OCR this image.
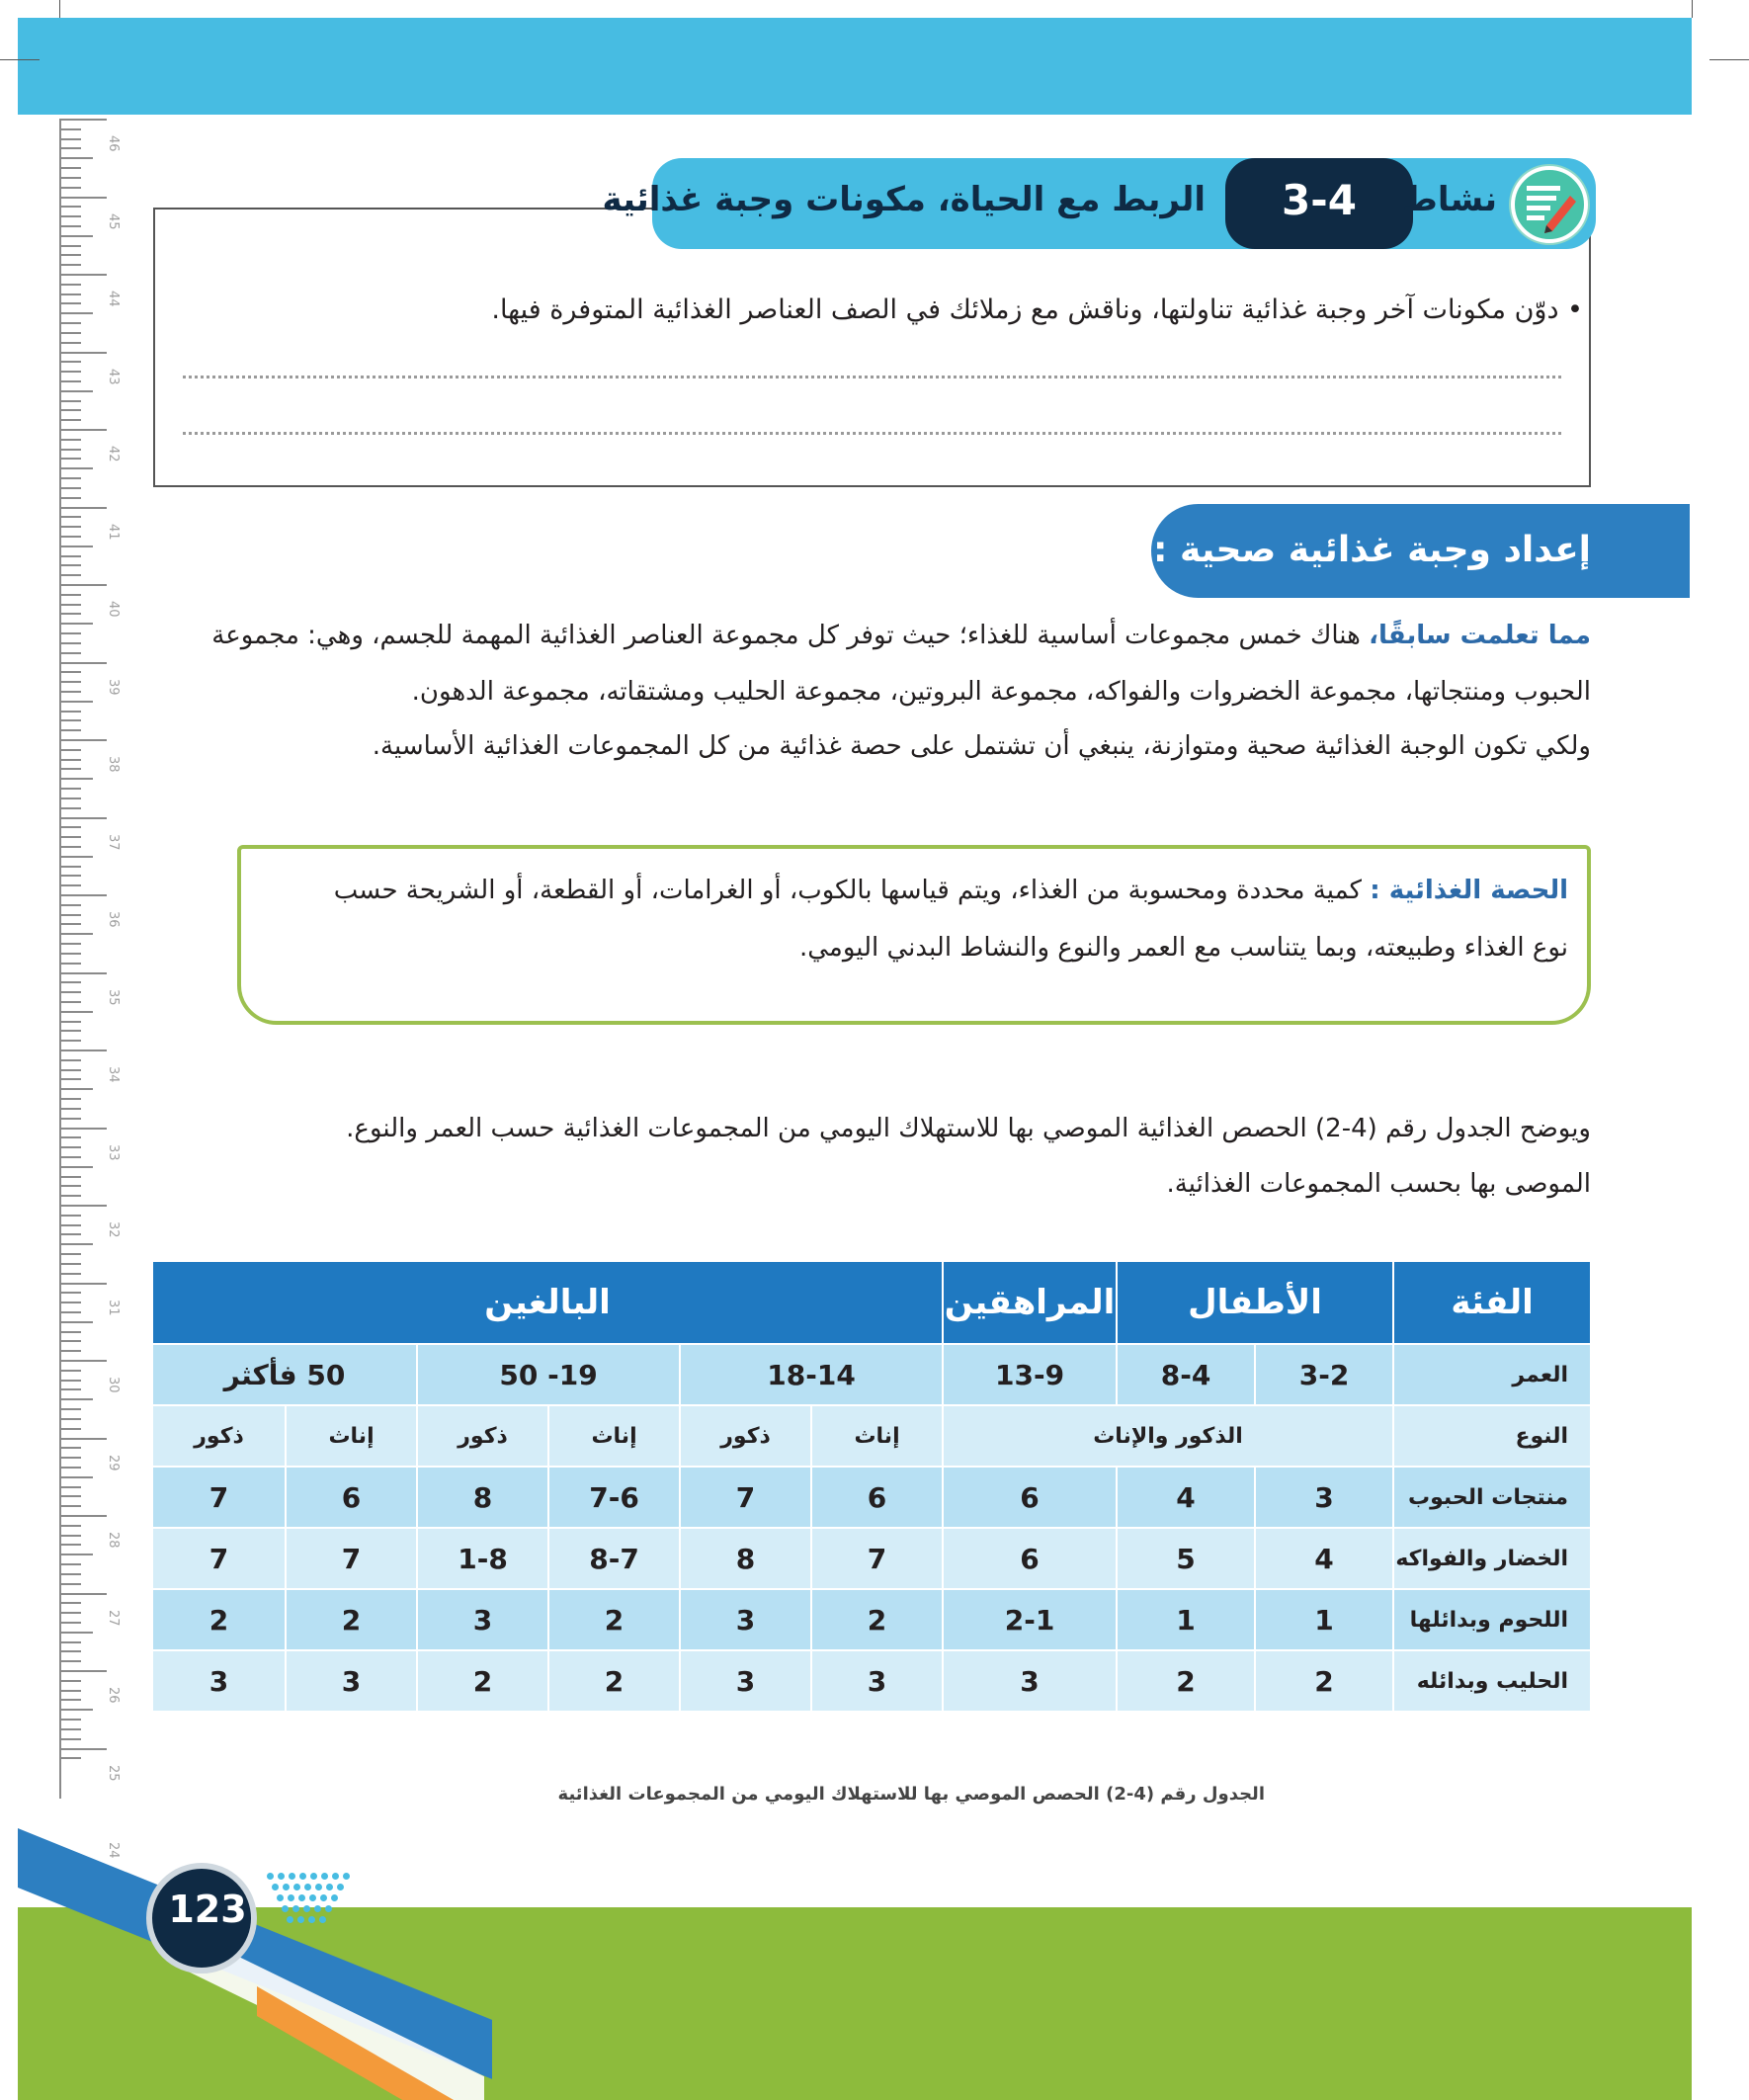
46
45
44
43
42
41
40
39
38
37
36
35
34
33
32
31
30
29
28
27
26
25
24
الربط مع الحياة، مكونات وجبة غذائية	3-4	نشاط
• دوّن مكونات آخر وجبة غذائية تناولتها، وناقش مع زملائك في الصف العناصر الغذائية المتوفرة فيها.
إعداد وجبة غذائية صحية :
مما تعلمت سابقًا، هناك خمس مجموعات أساسية للغذاء؛ حيث توفر كل مجموعة العناصر الغذائية المهمة للجسم، وهي: مجموعة
الحبوب ومنتجاتها، مجموعة الخضروات والفواكه، مجموعة البروتين، مجموعة الحليب ومشتقاته، مجموعة الدهون.
ولكي تكون الوجبة الغذائية صحية ومتوازنة، ينبغي أن تشتمل على حصة غذائية من كل المجموعات الغذائية الأساسية.
الحصة الغذائية : كمية محددة ومحسوبة من الغذاء، ويتم قياسها بالكوب، أو الغرامات، أو القطعة، أو الشريحة حسب
نوع الغذاء وطبيعته، وبما يتناسب مع العمر والنوع والنشاط البدني اليومي.
ويوضح الجدول رقم (4-2) الحصص الغذائية الموصي بها للاستهلاك اليومي من المجموعات الغذائية حسب العمر والنوع.
الموصى بها بحسب المجموعات الغذائية.
الفئة	الأطفال		المراهقين	البالغين					
العمر	3-2	8-4	13-9	18-14		19- 50		50 فأكثر	
النوع	الذكور والإناث			إناث	ذكور	إناث	ذكور	إناث	ذكور
منتجات الحبوب	3	4	6	6	7	7-6	8	6	7
الخضار والفواكه	4	5	6	7	8	8-7	1-8	7	7
اللحوم وبدائلها	1	1	2-1	2	3	2	3	2	2
الحليب وبدائله	2	2	3	3	3	2	2	3	3
الجدول رقم (4-2) الحصص الموصي بها للاستهلاك اليومي من المجموعات الغذائية
123
